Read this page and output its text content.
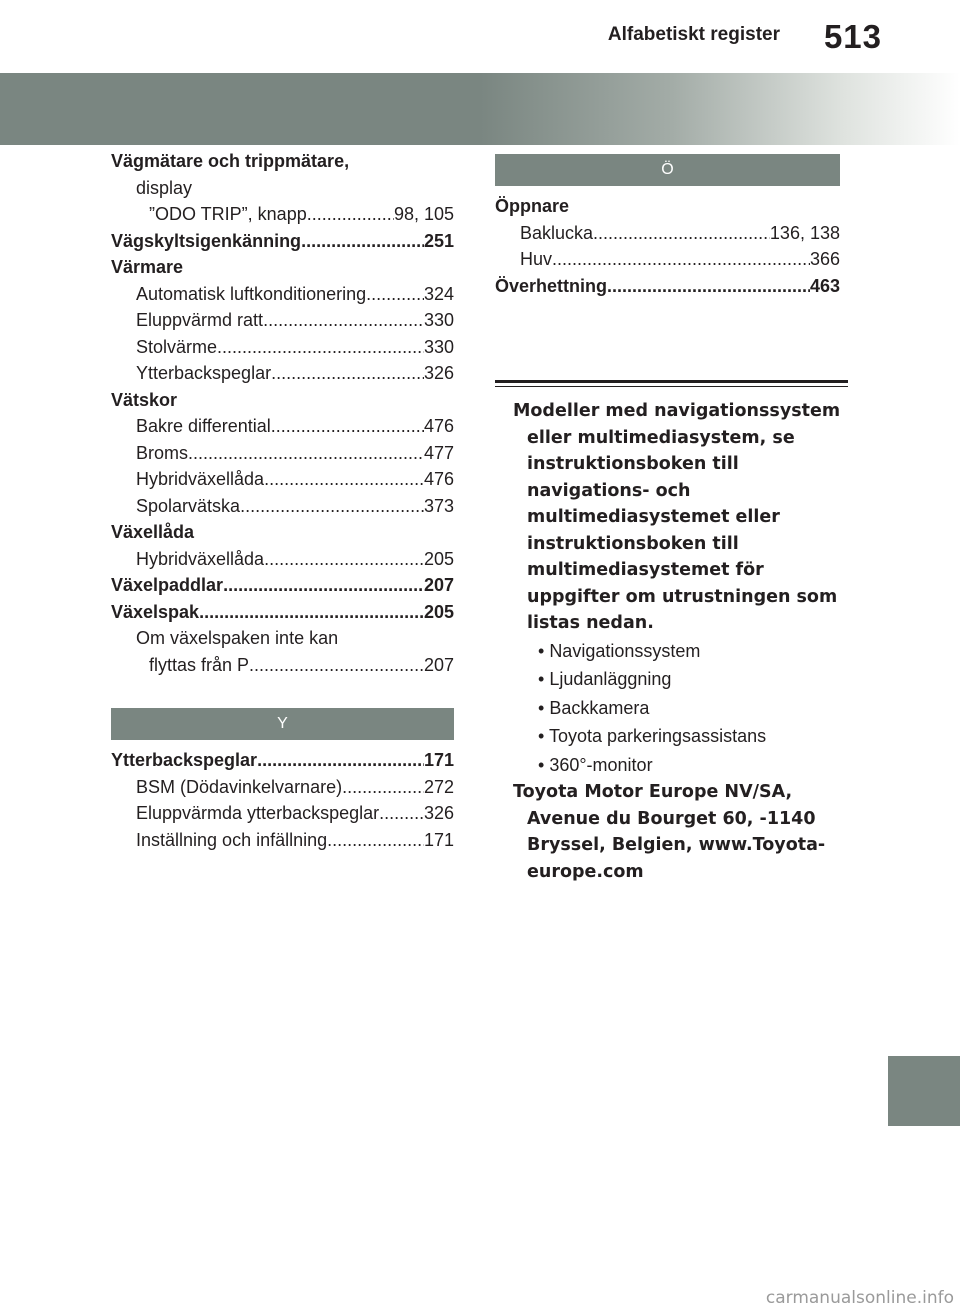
Alfabetiskt register 513
Vägmätare och trippmätare,
display
”ODO TRIP”, knapp .....	98, 105
Vägskyltsigenkänning .....	251
Värmare
Automatisk luftkonditionering .....	324
Eluppvärmd ratt .....	330
Stolvärme .....	330
Ytterbackspeglar .....	326
Vätskor
Bakre differential .....	476
Broms .....	477
Hybridväxellåda .....	476
Spolarvätska .....	373
Växellåda
Hybridväxellåda .....	205
Växelpaddlar .....	207
Växelspak .....	205
Om växelspaken inte kan
flyttas från P .....	207
Y
Ytterbackspeglar .....	171
BSM (Dödavinkelvarnare) .....	272
Eluppvärmda ytterbackspeglar ..... 326
Inställning och infällning .....	171
Ö
Öppnare
Baklucka .....	136, 138
Huv .....	366
Överhettning .....	463
Modeller med navigationssystem eller multimediasystem, se instruktionsboken till navigations- och multimediasystemet eller instruktionsboken till multimediasystemet för uppgifter om utrustningen som listas nedan.
• Navigationssystem
• Ljudanläggning
• Backkamera
• Toyota parkeringsassistans
• 360°-monitor
Toyota Motor Europe NV/SA, Avenue du Bourget 60, -1140 Bryssel, Belgien, www.Toyota-europe.com
carmanualsonline.info
